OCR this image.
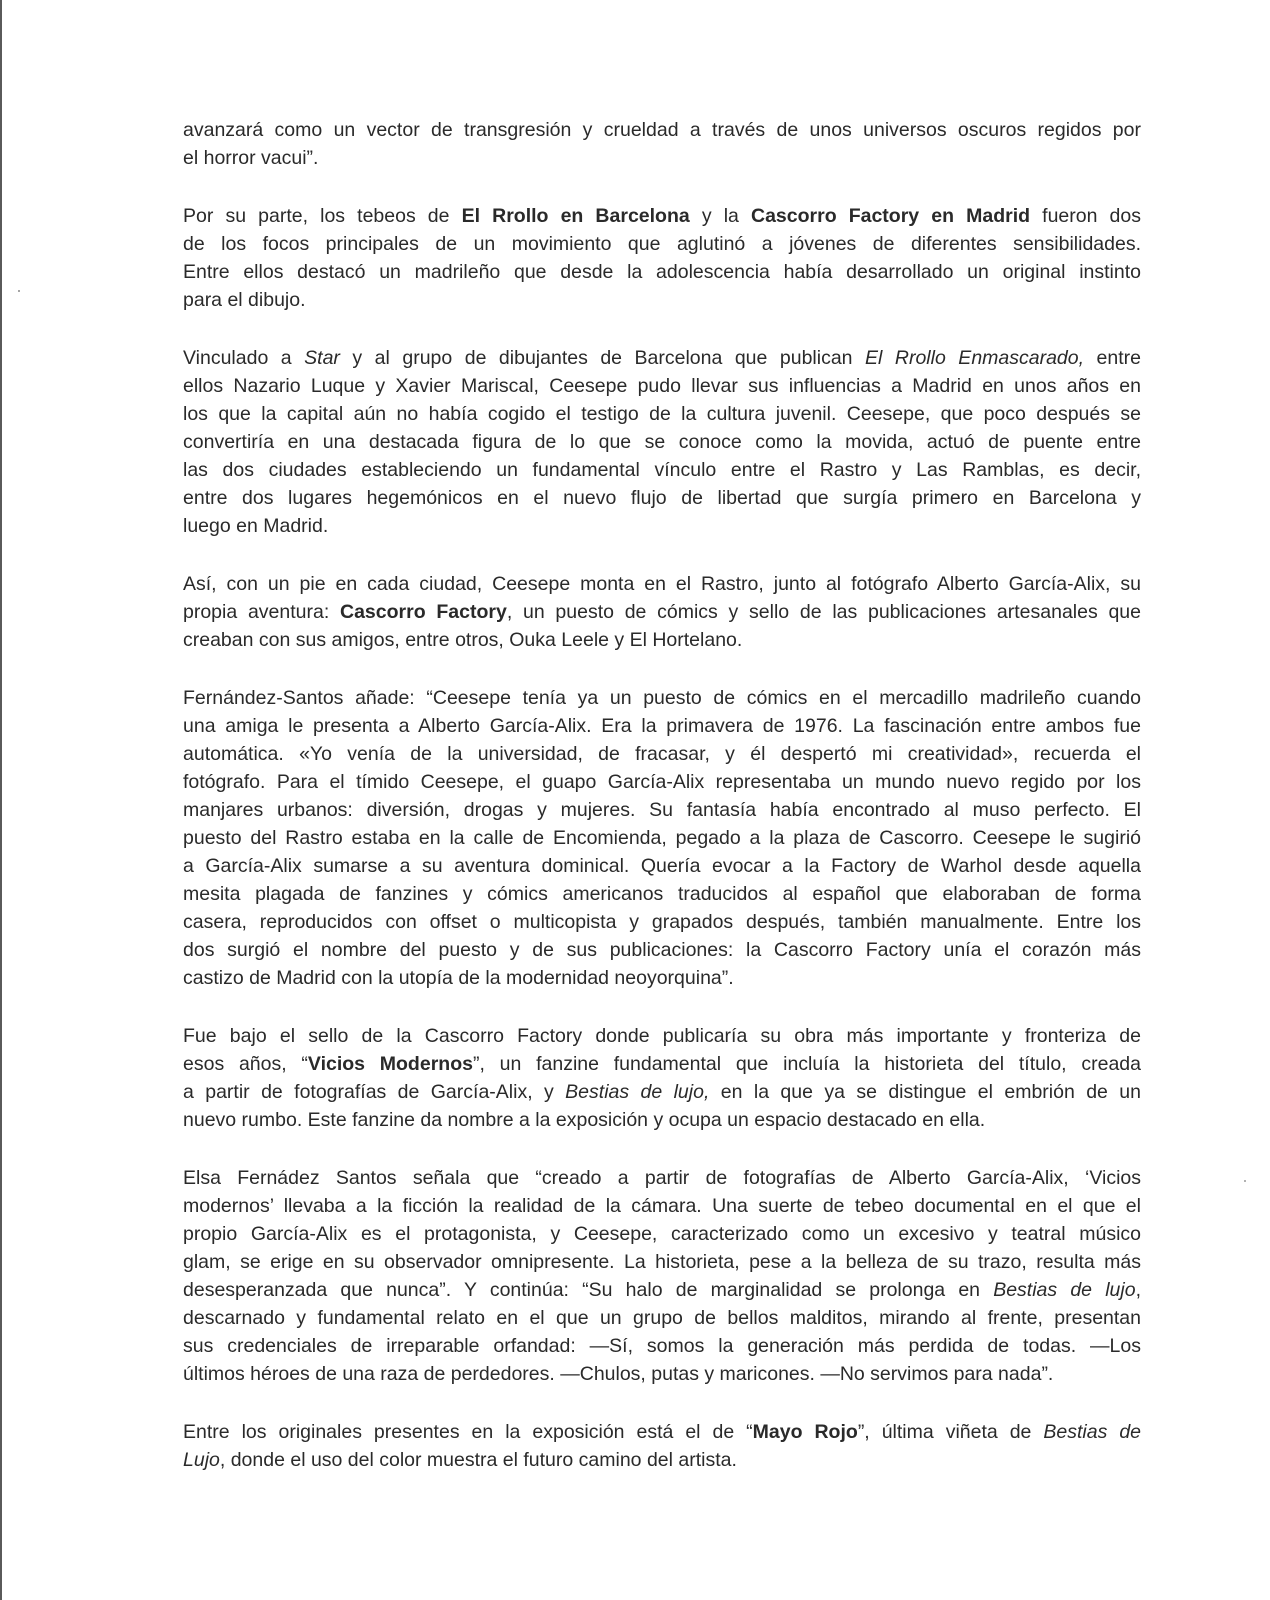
avanzará como un vector de transgresión y crueldad a través de unos universos oscuros regidos por
el horror vacui”.

Por su parte, los tebeos de El Rrollo en Barcelona y la Cascorro Factory en Madrid fueron dos
de los focos principales de un movimiento que aglutinó a jóvenes de diferentes sensibilidades.
Entre ellos destacó un madrileño que desde la adolescencia había desarrollado un original instinto
para el dibujo.

Vinculado a Star y al grupo de dibujantes de Barcelona que publican El Rrollo Enmascarado, entre
ellos Nazario Luque y Xavier Mariscal, Ceesepe pudo llevar sus influencias a Madrid en unos años en
los que la capital aún no había cogido el testigo de la cultura juvenil. Ceesepe, que poco después se
convertiría en una destacada figura de lo que se conoce como la movida, actuó de puente entre
las dos ciudades estableciendo un fundamental vínculo entre el Rastro y Las Ramblas, es decir,
entre dos lugares hegemónicos en el nuevo flujo de libertad que surgía primero en Barcelona y
luego en Madrid.

Así, con un pie en cada ciudad, Ceesepe monta en el Rastro, junto al fotógrafo Alberto García-Alix, su
propia aventura: Cascorro Factory, un puesto de cómics y sello de las publicaciones artesanales que
creaban con sus amigos, entre otros, Ouka Leele y El Hortelano.

Fernández-Santos añade: “Ceesepe tenía ya un puesto de cómics en el mercadillo madrileño cuando
una amiga le presenta a Alberto García-Alix. Era la primavera de 1976. La fascinación entre ambos fue
automática. «Yo venía de la universidad, de fracasar, y él despertó mi creatividad», recuerda el
fotógrafo. Para el tímido Ceesepe, el guapo García-Alix representaba un mundo nuevo regido por los
manjares urbanos: diversión, drogas y mujeres. Su fantasía había encontrado al muso perfecto. El
puesto del Rastro estaba en la calle de Encomienda, pegado a la plaza de Cascorro. Ceesepe le sugirió
a García-Alix sumarse a su aventura dominical. Quería evocar a la Factory de Warhol desde aquella
mesita plagada de fanzines y cómics americanos traducidos al español que elaboraban de forma
casera, reproducidos con offset o multicopista y grapados después, también manualmente. Entre los
dos surgió el nombre del puesto y de sus publicaciones: la Cascorro Factory unía el corazón más
castizo de Madrid con la utopía de la modernidad neoyorquina”.

Fue bajo el sello de la Cascorro Factory donde publicaría su obra más importante y fronteriza de
esos años, “Vicios Modernos”, un fanzine fundamental que incluía la historieta del título, creada
a partir de fotografías de García-Alix, y Bestias de lujo, en la que ya se distingue el embrión de un
nuevo rumbo. Este fanzine da nombre a la exposición y ocupa un espacio destacado en ella.

Elsa Fernádez Santos señala que “creado a partir de fotografías de Alberto García-Alix, ‘Vicios
modernos’ llevaba a la ficción la realidad de la cámara. Una suerte de tebeo documental en el que el
propio García-Alix es el protagonista, y Ceesepe, caracterizado como un excesivo y teatral músico
glam, se erige en su observador omnipresente. La historieta, pese a la belleza de su trazo, resulta más
desesperanzada que nunca”. Y continúa: “Su halo de marginalidad se prolonga en Bestias de lujo,
descarnado y fundamental relato en el que un grupo de bellos malditos, mirando al frente, presentan
sus credenciales de irreparable orfandad: —Sí, somos la generación más perdida de todas. —Los
últimos héroes de una raza de perdedores. —Chulos, putas y maricones. —No servimos para nada”.

Entre los originales presentes en la exposición está el de “Mayo Rojo”, última viñeta de Bestias de
Lujo, donde el uso del color muestra el futuro camino del artista.
